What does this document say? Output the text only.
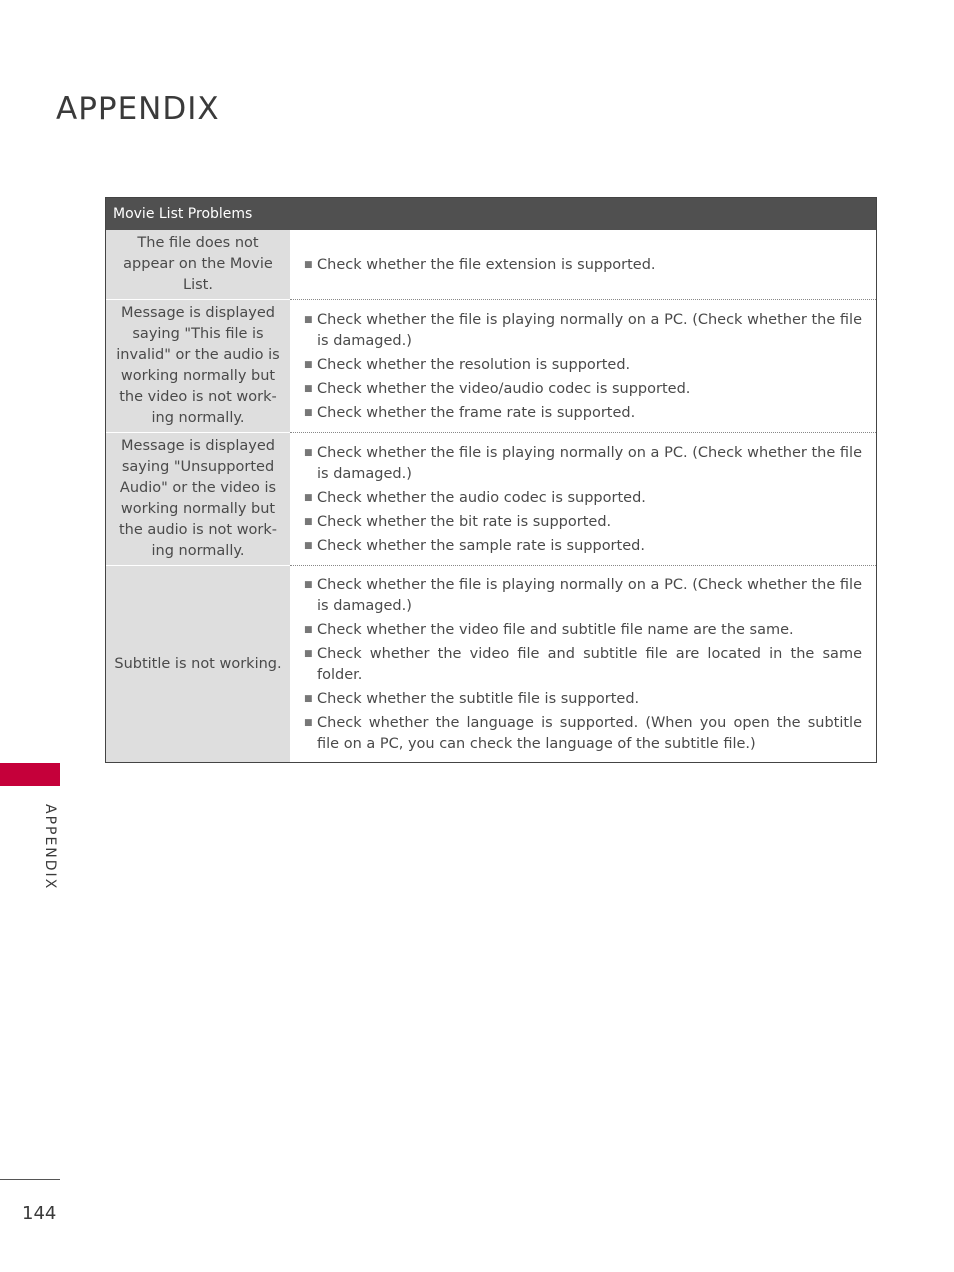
APPENDIX
Movie List Problems
The file does not appear on the Movie List.
■ Check whether the file extension is supported.
Message is displayed saying "This file is invalid" or the audio is working normally but the video is not work-ing normally.
■ Check whether the file is playing normally on a PC. (Check whether the file is damaged.)
■ Check whether the resolution is supported.
■ Check whether the video/audio codec is supported.
■ Check whether the frame rate is supported.
Message is displayed saying "Unsupported Audio" or the video is working normally but the audio is not work-ing normally.
■ Check whether the file is playing normally on a PC. (Check whether the file is damaged.)
■ Check whether the audio codec is supported.
■ Check whether the bit rate is supported.
■ Check whether the sample rate is supported.
Subtitle is not working.
■ Check whether the file is playing normally on a PC. (Check whether the file is damaged.)
■ Check whether the video file and subtitle file name are the same.
■ Check whether the video file and subtitle file are located in the same folder.
■ Check whether the subtitle file is supported.
■ Check whether the language is supported. (When you open the subtitle file on a PC, you can check the language of the subtitle file.)
APPENDIX
144
